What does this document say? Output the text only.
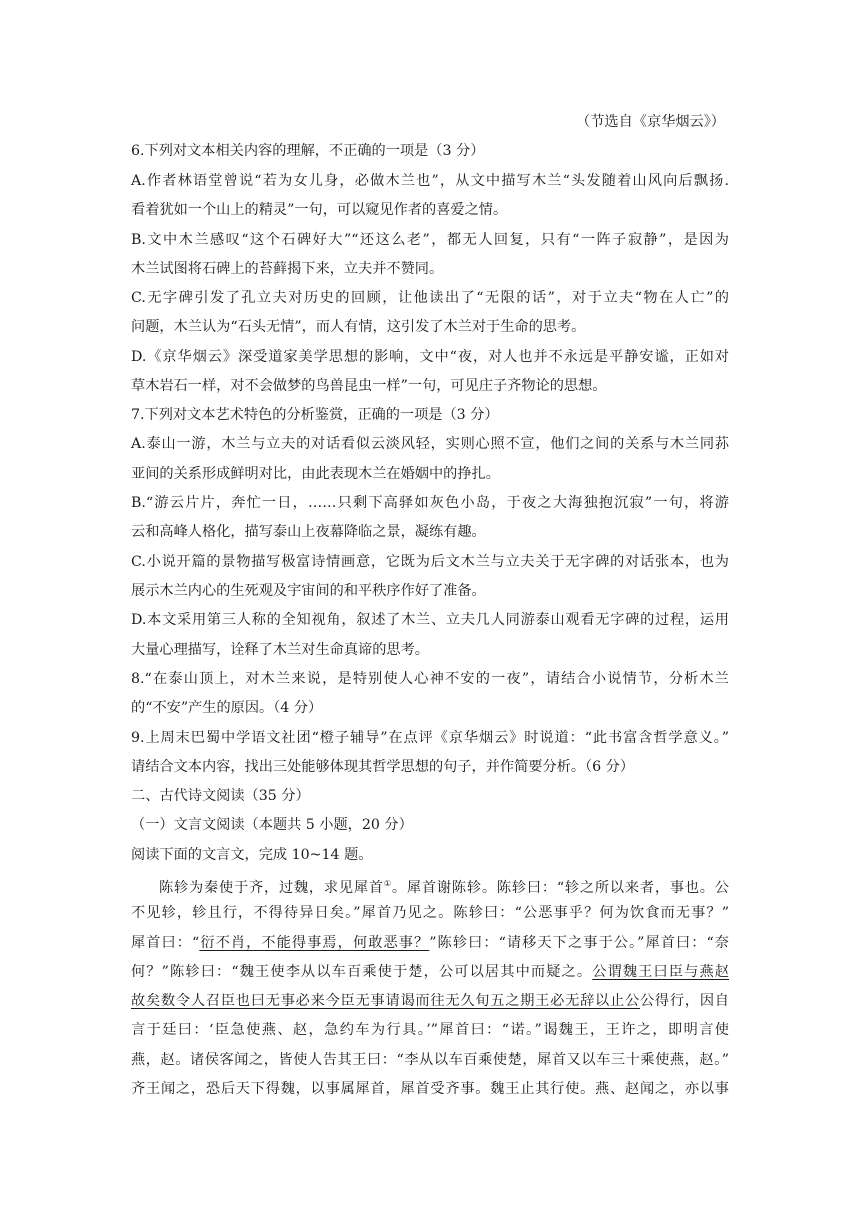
（节选自《京华烟云》）
6.下列对文本相关内容的理解，不正确的一项是（3 分）
A.作者林语堂曾说“若为女儿身，必做木兰也”，从文中描写木兰“头发随着山风向后飘扬.
看着犹如一个山上的精灵”一句，可以窥见作者的喜爱之情。
B.文中木兰感叹“这个石碑好大”“还这么老”，都无人回复，只有“一阵子寂静”，是因为
木兰试图将石碑上的苔藓揭下来，立夫并不赞同。
C.无字碑引发了孔立夫对历史的回顾，让他读出了“无限的话”，对于立夫“物在人亡”的
问题，木兰认为“石头无情”，而人有情，这引发了木兰对于生命的思考。
D.《京华烟云》深受道家美学思想的影响，文中“夜，对人也并不永远是平静安谧，正如对
草木岩石一样，对不会做梦的鸟兽昆虫一样”一句，可见庄子齐物论的思想。
7.下列对文本艺术特色的分析鉴赏，正确的一项是（3 分）
A.泰山一游，木兰与立夫的对话看似云淡风轻，实则心照不宣，他们之间的关系与木兰同荪
亚间的关系形成鲜明对比，由此表现木兰在婚姻中的挣扎。
B.“游云片片，奔忙一日，……只剩下高驿如灰色小岛，于夜之大海独抱沉寂”一句，将游
云和高峰人格化，描写泰山上夜幕降临之景，凝练有趣。
C.小说开篇的景物描写极富诗情画意，它既为后文木兰与立夫关于无字碑的对话张本，也为
展示木兰内心的生死观及宇宙间的和平秩序作好了准备。
D.本文采用第三人称的全知视角，叙述了木兰、立夫几人同游泰山观看无字碑的过程，运用
大量心理描写，诠释了木兰对生命真谛的思考。
8.“在泰山顶上，对木兰来说，是特别使人心神不安的一夜”，请结合小说情节，分析木兰
的“不安”产生的原因。（4 分）
9.上周末巴蜀中学语文社团“橙子辅导”在点评《京华烟云》时说道：“此书富含哲学意义。”
请结合文本内容，找出三处能够体现其哲学思想的句子，并作简要分析。（6 分）
二、古代诗文阅读（35 分）
（一）文言文阅读（本题共 5 小题，20 分）
阅读下面的文言文，完成 10~14 题。
陈轸为秦使于齐，过魏，求见犀首①。犀首谢陈轸。陈轸曰：“轸之所以来者，事也。公
不见轸，轸且行，不得待异日矣。”犀首乃见之。陈轸曰：“公恶事乎？何为饮食而无事？”
犀首曰：“衍不肖，不能得事焉，何敢恶事？”陈轸曰：“请移天下之事于公。”犀首曰：“奈
何？”陈轸曰：“魏王使李从以车百乘使于楚，公可以居其中而疑之。公谓魏王曰臣与燕赵
故矣数令人召臣也曰无事必来今臣无事请谒而往无久旬五之期王必无辞以止公公得行，因自
言于廷曰：‘臣急使燕、赵，急约车为行具。’”犀首曰：“诺。”谒魏王，王许之，即明言使
燕，赵。诸侯客闻之，皆使人告其王曰：“李从以车百乘使楚，犀首又以车三十乘使燕，赵。”
齐王闻之，恐后天下得魏，以事属犀首，犀首受齐事。魏王止其行使。燕、赵闻之，亦以事
